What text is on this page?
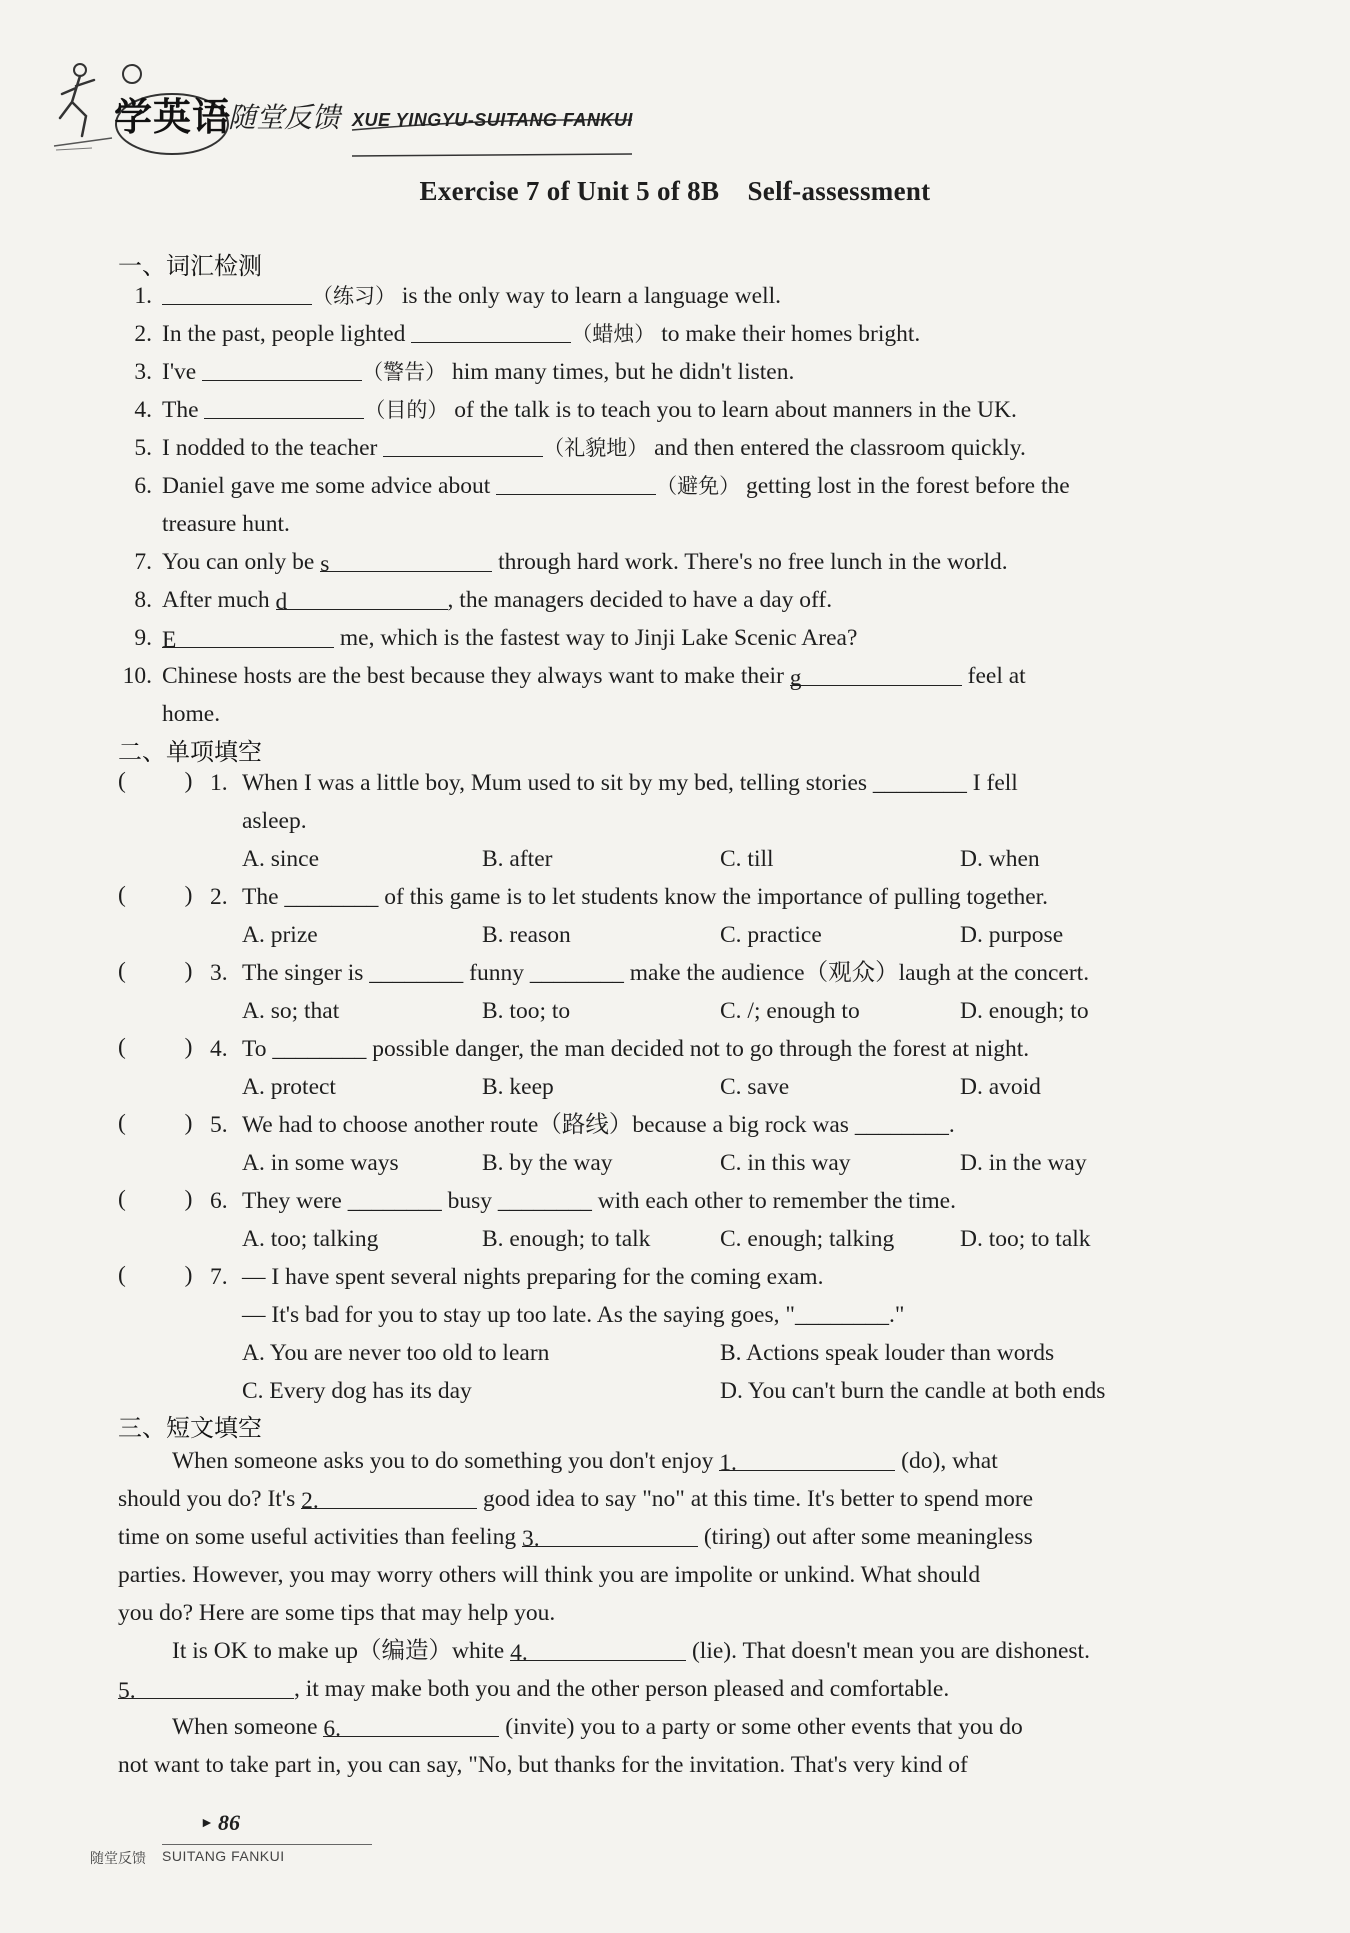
学英语
随堂反馈 XUE YINGYU-SUITANG FANKUI
Exercise 7 of Unit 5 of 8B    Self-assessment
一、词汇检测
1.	（练习） is the only way to learn a language well.
2. In the past, people lighted	（蜡烛） to make their homes bright.
3. I've	（警告） him many times, but he didn't listen.
4. The	（目的） of the talk is to teach you to learn about manners in the UK.
5. I nodded to the teacher	（礼貌地） and then entered the classroom quickly.
6. Daniel gave me some advice about	（避免） getting lost in the forest before the
treasure hunt.
7. You can only be s	through hard work. There's no free lunch in the world.
8. After much d	, the managers decided to have a day off.
9. E	me, which is the fastest way to Jinji Lake Scenic Area?
10. Chinese hosts are the best because they always want to make their g	feel at
home.
二、单项填空
(          ) 1. When I was a little boy, Mum used to sit by my bed, telling stories ________ I fell
asleep.
A. since	B. after	C. till	D. when
(          ) 2. The ________ of this game is to let students know the importance of pulling together.
A. prize	B. reason	C. practice	D. purpose
(          ) 3. The singer is ________ funny ________ make the audience（观众）laugh at the concert.
A. so; that	B. too; to	C. /; enough to	D. enough; to
(          ) 4. To ________ possible danger, the man decided not to go through the forest at night.
A. protect	B. keep	C. save	D. avoid
(          ) 5. We had to choose another route（路线）because a big rock was ________.
A. in some ways	B. by the way	C. in this way	D. in the way
(          ) 6. They were ________ busy ________ with each other to remember the time.
A. too; talking	B. enough; to talk	C. enough; talking	D. too; to talk
(          ) 7. — I have spent several nights preparing for the coming exam.
— It's bad for you to stay up too late. As the saying goes, "________."
A. You are never too old to learn	B. Actions speak louder than words
C. Every dog has its day	D. You can't burn the candle at both ends
三、短文填空
When someone asks you to do something you don't enjoy 1.	(do), what
should you do? It's 2.	good idea to say "no" at this time. It's better to spend more
time on some useful activities than feeling 3.	(tiring) out after some meaningless
parties. However, you may worry others will think you are impolite or unkind. What should
you do? Here are some tips that may help you.
It is OK to make up（编造）white 4.	(lie). That doesn't mean you are dishonest.
5.	, it may make both you and the other person pleased and comfortable.
When someone 6.	(invite) you to a party or some other events that you do
not want to take part in, you can say, "No, but thanks for the invitation. That's very kind of
► 86
随堂反馈 SUITANG FANKUI
